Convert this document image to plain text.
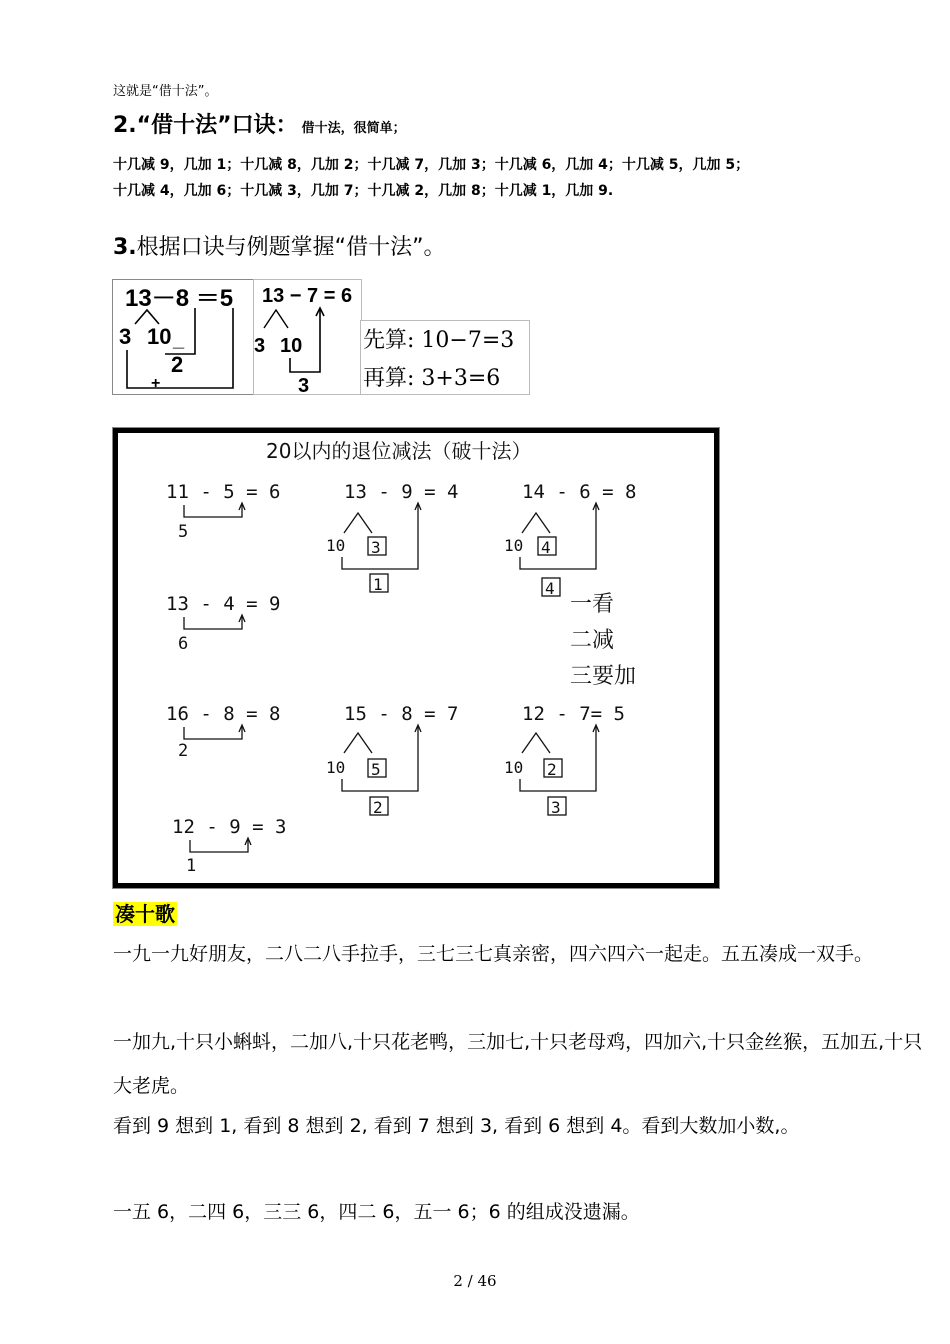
这就是“借十法”。
2.“借十法”口诀： 借十法，很简单；
十几减 9，几加 1；十几减 8，几加 2；十几减 7，几加 3；十几减 6，几加 4；十几减 5，几加 5；
十几减 4，几加 6；十几减 3，几加 7；十几减 2，几加 8；十几减 1，几加 9.
3.根据口诀与例题掌握“借十法”。
13－8 ＝5
3 10 _
2
+
13 − 7 = 6
3 10
3
先算: 10−7=3
再算: 3+3=6
20以内的退位减法（破十法）
11 - 5 = 6
5
13 - 9 = 4
10 3
1
14 - 6 = 8
10 4
4
13 - 4 = 9
6
一看
二减
三要加
16 - 8 = 8
2
15 - 8 = 7
10 5
2
12 - 7= 5
10 2
3
12 - 9 = 3
1
凑十歌
一九一九好朋友，二八二八手拉手，三七三七真亲密，四六四六一起走。五五凑成一双手。
一加九,十只小蝌蚪，二加八,十只花老鸭，三加七,十只老母鸡，四加六,十只金丝猴，五加五,十只大老虎。
看到 9 想到 1, 看到 8 想到 2, 看到 7 想到 3, 看到 6 想到 4。看到大数加小数,。
一五 6，二四 6，三三 6，四二 6，五一 6；6 的组成没遗漏。
2 / 46
